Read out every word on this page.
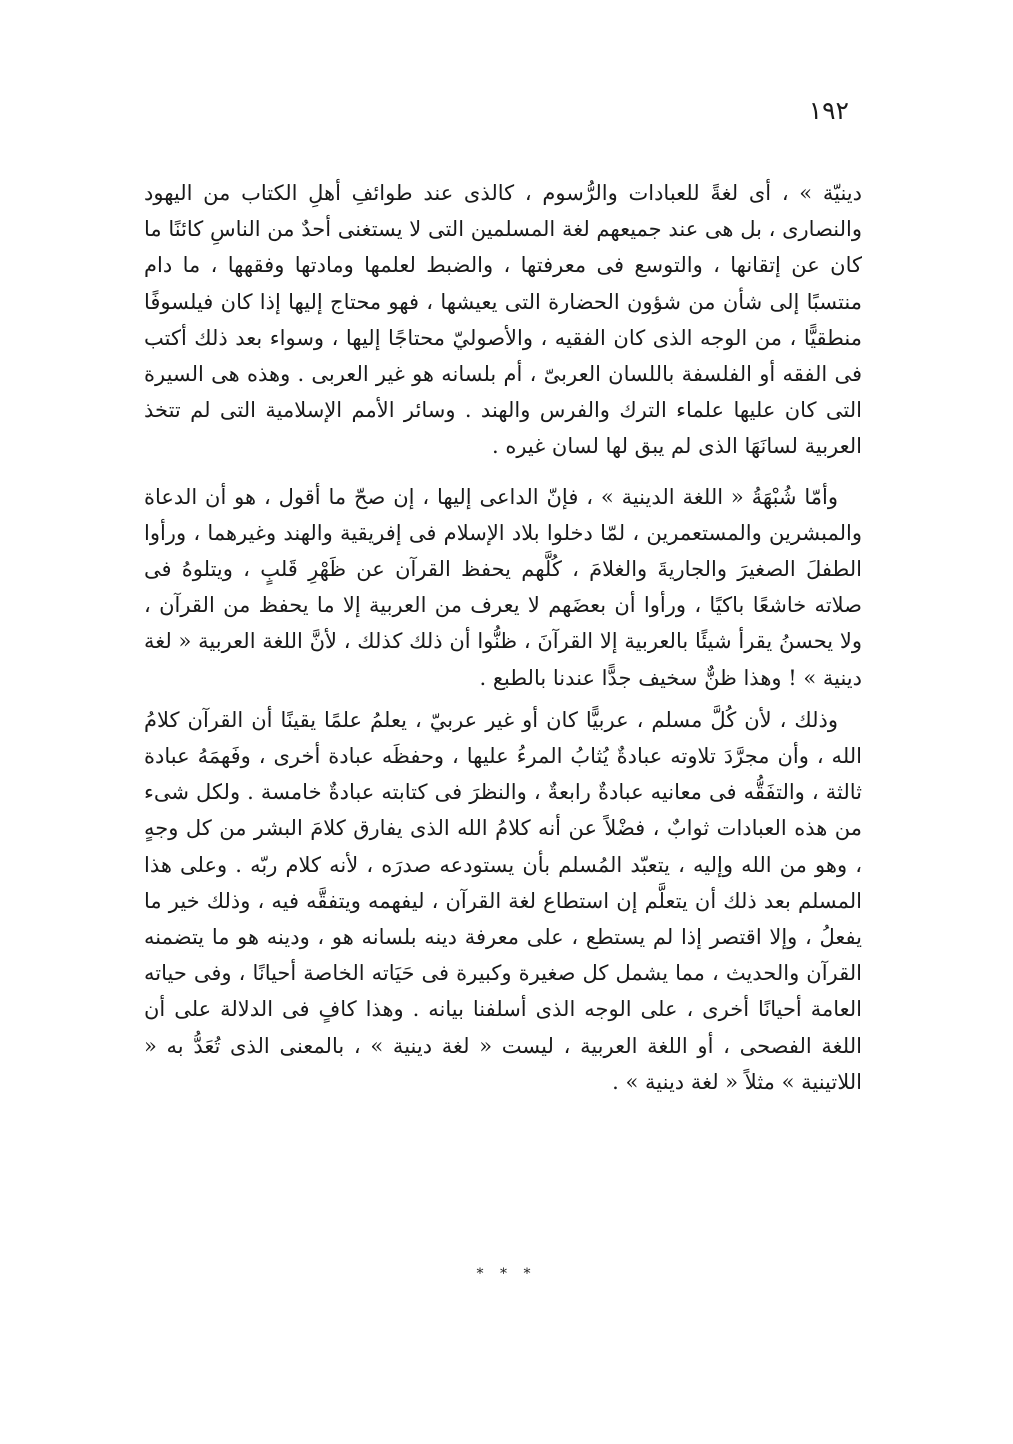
١٩٢

دينيّة » ، أى لغةً للعبادات والرُّسوم ، كالذى عند طوائفِ أهلِ الكتاب من اليهود والنصارى ، بل هى عند جميعهم لغة المسلمين التى لا يستغنى أحدٌ من الناسِ كائنًا ما كان عن إتقانها ، والتوسع فى معرفتها ، والضبط لعلمها ومادتها وفقهها ، ما دام منتسبًا إلى شأن من شؤون الحضارة التى يعيشها ، فهو محتاج إليها إذا كان فيلسوفًا منطقيًّا ، من الوجه الذى كان الفقيه ، والأصوليّ محتاجًا إليها ، وسواء بعد ذلك أكتب فى الفقه أو الفلسفة باللسان العربىّ ، أم بلسانه هو غير العربى . وهذه هى السيرة التى كان عليها علماء الترك والفرس والهند . وسائر الأمم الإسلامية التى لم تتخذ العربية لسانَهَا الذى لم يبق لها لسان غيره .

وأمّا شُبْهَةُ « اللغة الدينية » ، فإنّ الداعى إليها ، إن صحّ ما أقول ، هو أن الدعاة والمبشرين والمستعمرين ، لمّا دخلوا بلاد الإسلام فى إفريقية والهند وغيرهما ، ورأوا الطفلَ الصغيرَ والجاريةَ والغلامَ ، كُلَّهم يحفظ القرآن عن ظَهْرِ قَلبٍ ، ويتلوهُ فى صلاته خاشعًا باكيًا ، ورأوا أن بعضَهم لا يعرف من العربية إلا ما يحفظ من القرآن ، ولا يحسنُ يقرأ شيئًا بالعربية إلا القرآنَ ، ظنُّوا أن ذلك كذلك ، لأنَّ اللغة العربية « لغة دينية » ! وهذا ظنٌّ سخيف جدًّا عندنا بالطبع .

وذلك ، لأن كُلَّ مسلم ، عربيًّا كان أو غير عربيّ ، يعلمُ علمًا يقينًا أن القرآن كلامُ الله ، وأن مجرَّدَ تلاوته عبادةٌ يُثابُ المرءُ عليها ، وحفظَه عبادة أخرى ، وفَهمَهُ عبادة ثالثة ، والتفَقُّه فى معانيه عبادةٌ رابعةٌ ، والنظرَ فى كتابته عبادةٌ خامسة . ولكل شىء من هذه العبادات ثوابٌ ، فضْلاً عن أنه كلامُ الله الذى يفارق كلامَ البشر من كل وجهٍ ، وهو من الله وإليه ، يتعبّد المُسلم بأن يستودعه صدرَه ، لأنه كلام ربّه . وعلى هذا المسلم بعد ذلك أن يتعلَّم إن استطاع لغة القرآن ، ليفهمه ويتفقَّه فيه ، وذلك خير ما يفعلُ ، وإلا اقتصر إذا لم يستطع ، على معرفة دينه بلسانه هو ، ودينه هو ما يتضمنه القرآن والحديث ، مما يشمل كل صغيرة وكبيرة فى حَيَاته الخاصة أحيانًا ، وفى حياته العامة أحيانًا أخرى ، على الوجه الذى أسلفنا بيانه . وهذا كافٍ فى الدلالة على أن اللغة الفصحى ، أو اللغة العربية ، ليست « لغة دينية » ، بالمعنى الذى تُعَدُّ به « اللاتينية » مثلاً « لغة دينية » .

* * *
